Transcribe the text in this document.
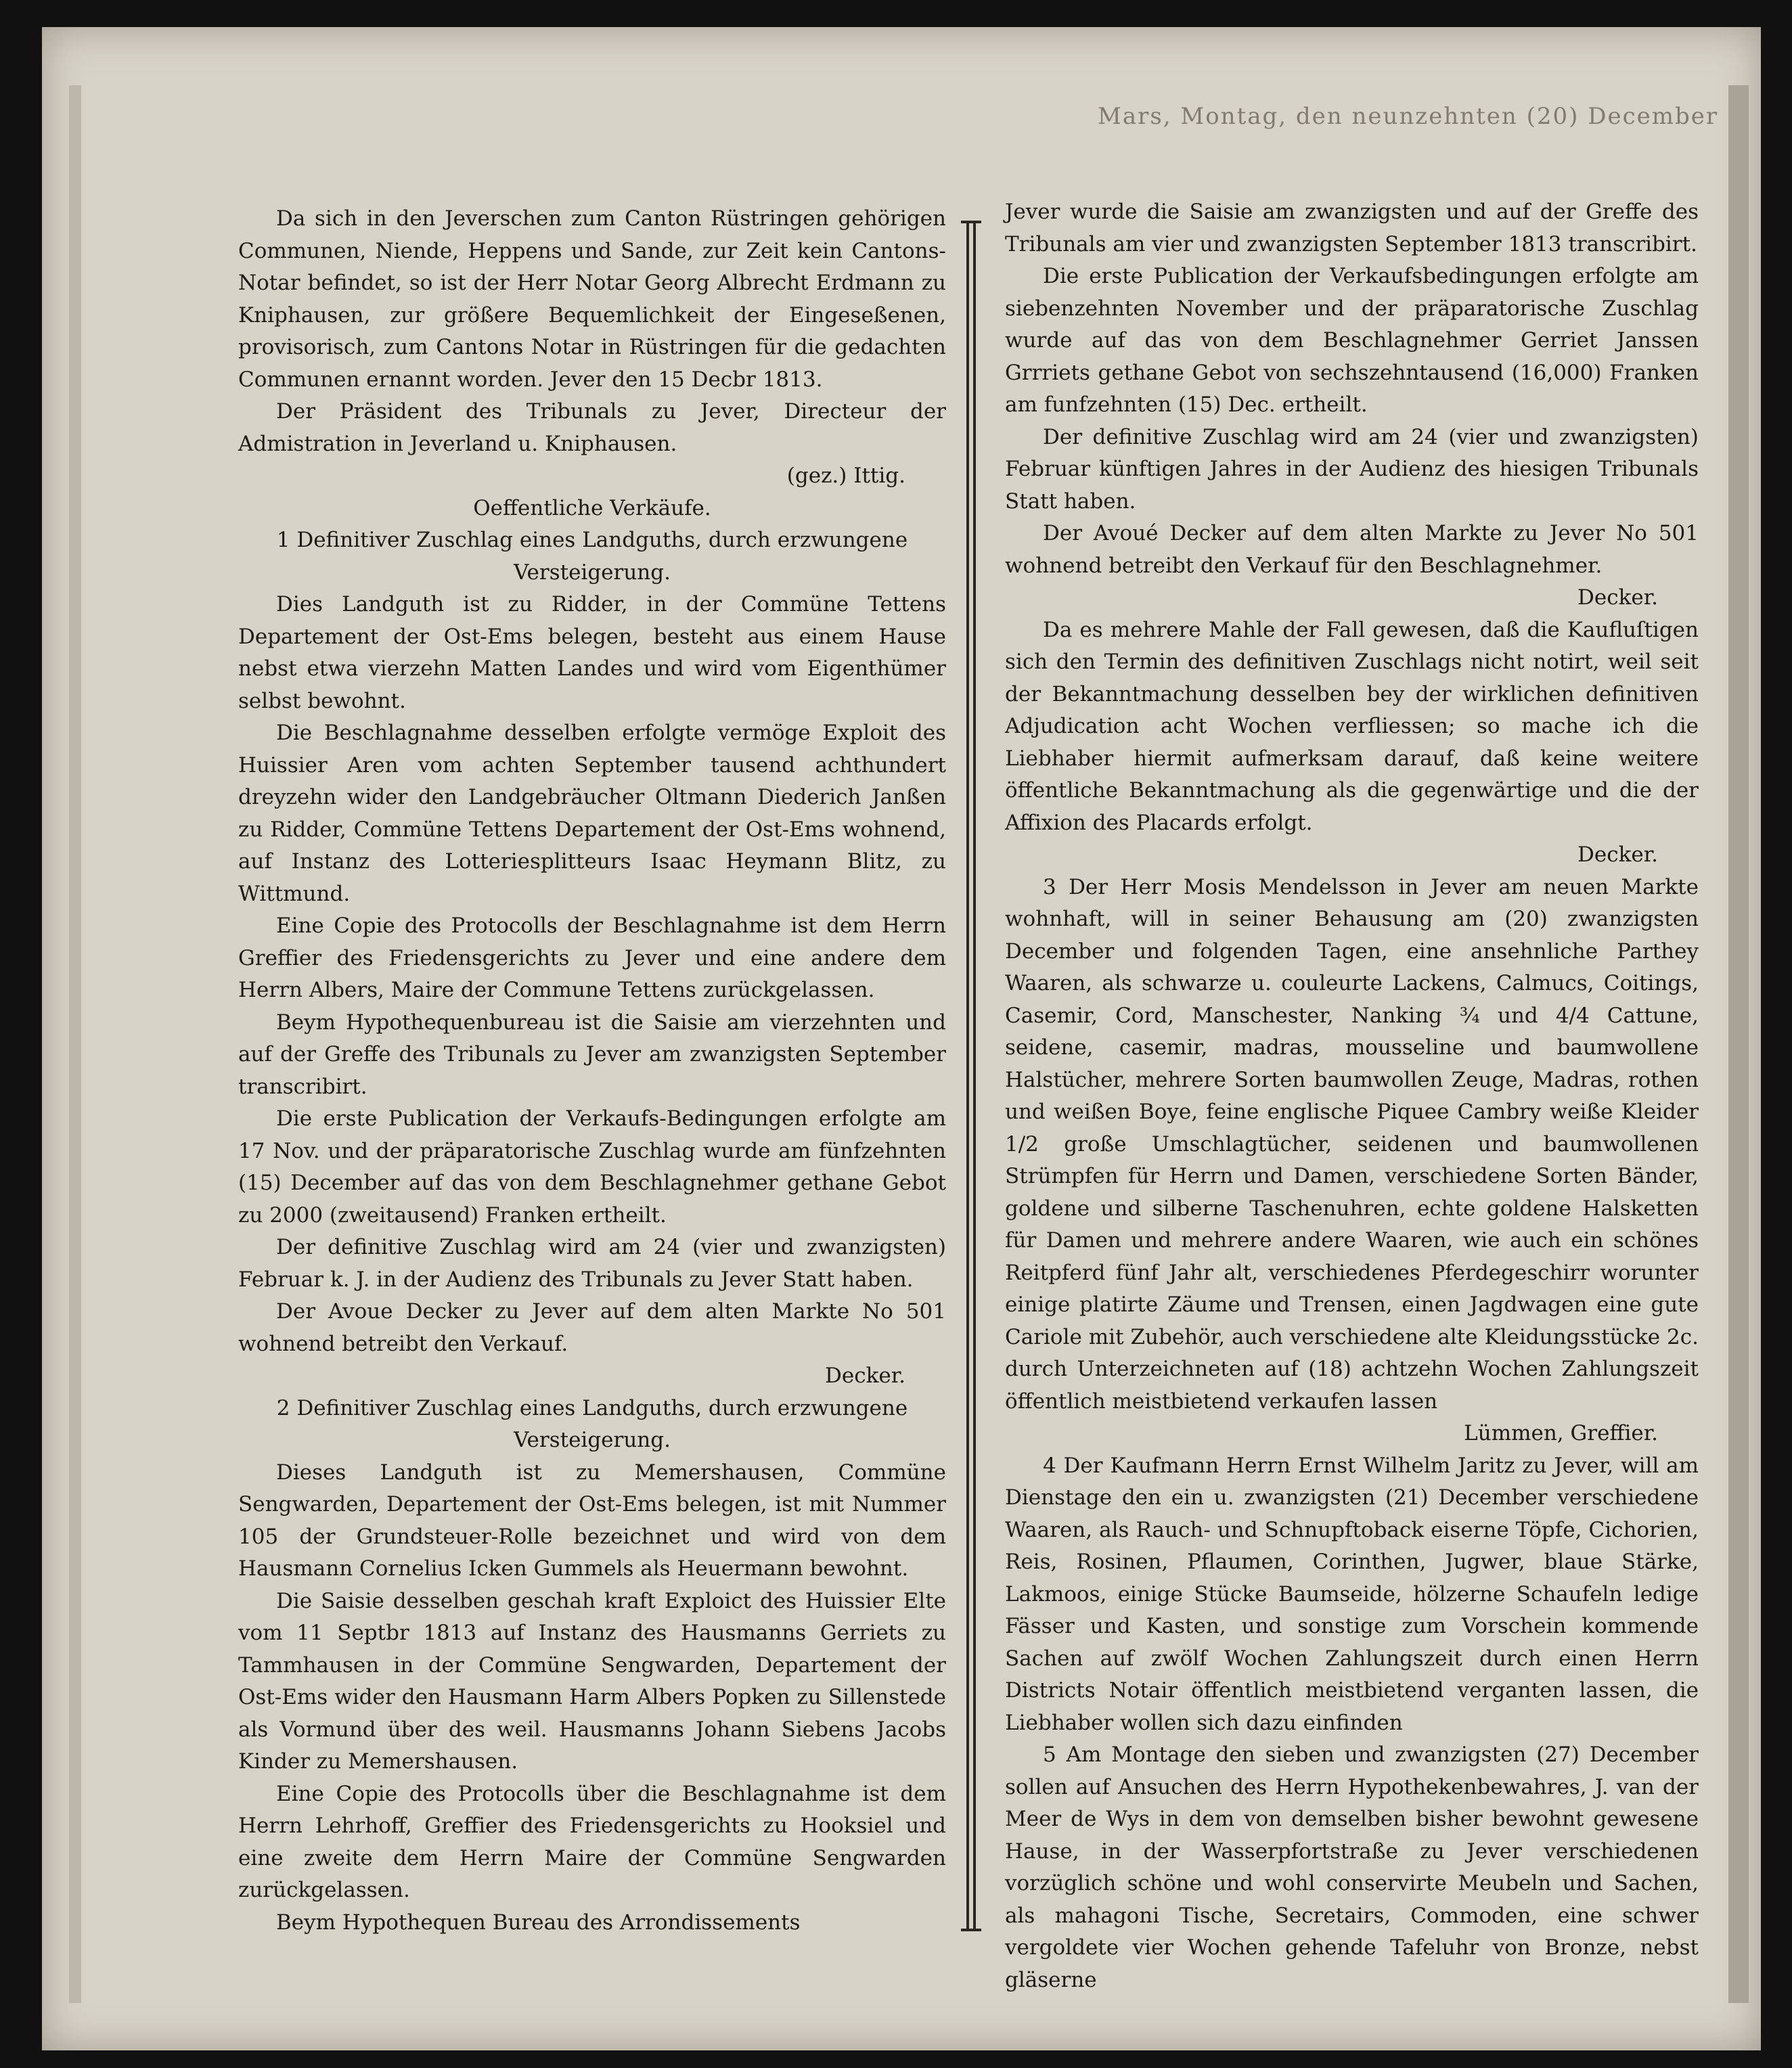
Mars, Montag, den neunzehnten (20) December

Da sich in den Jeverschen zum Canton Rüstringen gehörigen Communen, Niende, Heppens und Sande, zur Zeit kein Cantons-Notar befindet, so ist der Herr Notar Georg Albrecht Erdmann zu Kniphausen, zur größere Bequemlichkeit der Eingeseßenen, provisorisch, zum Cantons Notar in Rüstringen für die gedachten Communen ernannt worden. Jever den 15 Decbr 1813.

Der Präsident des Tribunals zu Jever, Directeur der Admistration in Jeverland u. Kniphausen.

(gez.) Ittig.

Oeffentliche Verkäufe.

1 Definitiver Zuschlag eines Landguths, durch erzwungene Versteigerung.

Dies Landguth ist zu Ridder, in der Commüne Tettens Departement der Ost-Ems belegen, besteht aus einem Hause nebst etwa vierzehn Matten Landes und wird vom Eigenthümer selbst bewohnt.

Die Beschlagnahme desselben erfolgte vermöge Exploit des Huissier Aren vom achten September tausend achthundert dreyzehn wider den Landgebräucher Oltmann Diederich Janßen zu Ridder, Commüne Tettens Departement der Ost-Ems wohnend, auf Instanz des Lotteriesplitteurs Isaac Heymann Blitz, zu Wittmund.

Eine Copie des Protocolls der Beschlagnahme ist dem Herrn Greffier des Friedensgerichts zu Jever und eine andere dem Herrn Albers, Maire der Commune Tettens zurückgelassen.

Beym Hypothequenbureau ist die Saisie am vierzehnten und auf der Greffe des Tribunals zu Jever am zwanzigsten September transcribirt.

Die erste Publication der Verkaufs-Bedingungen erfolgte am 17 Nov. und der präparatorische Zuschlag wurde am fünfzehnten (15) December auf das von dem Beschlagnehmer gethane Gebot zu 2000 (zweitausend) Franken ertheilt.

Der definitive Zuschlag wird am 24 (vier und zwanzigsten) Februar k. J. in der Audienz des Tribunals zu Jever Statt haben.

Der Avoue Decker zu Jever auf dem alten Markte No 501 wohnend betreibt den Verkauf.

Decker.

2 Definitiver Zuschlag eines Landguths, durch erzwungene Versteigerung.

Dieses Landguth ist zu Memershausen, Commüne Sengwarden, Departement der Ost-Ems belegen, ist mit Nummer 105 der Grundsteuer-Rolle bezeichnet und wird von dem Hausmann Cornelius Icken Gummels als Heuermann bewohnt.

Die Saisie desselben geschah kraft Exploict des Huissier Elte vom 11 Septbr 1813 auf Instanz des Hausmanns Gerriets zu Tammhausen in der Commüne Sengwarden, Departement der Ost-Ems wider den Hausmann Harm Albers Popken zu Sillenstede als Vormund über des weil. Hausmanns Johann Siebens Jacobs Kinder zu Memershausen.

Eine Copie des Protocolls über die Beschlagnahme ist dem Herrn Lehrhoff, Greffier des Friedensgerichts zu Hooksiel und eine zweite dem Herrn Maire der Commüne Sengwarden zurückgelassen.

Beym Hypothequen Bureau des Arrondissements

Jever wurde die Saisie am zwanzigsten und auf der Greffe des Tribunals am vier und zwanzigsten September 1813 transcribirt.

Die erste Publication der Verkaufsbedingungen erfolgte am siebenzehnten November und der präparatorische Zuschlag wurde auf das von dem Beschlagnehmer Gerriet Janssen Grrriets gethane Gebot von sechszehntausend (16,000) Franken am funfzehnten (15) Dec. ertheilt.

Der definitive Zuschlag wird am 24 (vier und zwanzigsten) Februar künftigen Jahres in der Audienz des hiesigen Tribunals Statt haben.

Der Avoué Decker auf dem alten Markte zu Jever No 501 wohnend betreibt den Verkauf für den Beschlagnehmer.

Decker.

Da es mehrere Mahle der Fall gewesen, daß die Kaufluſtigen sich den Termin des definitiven Zuschlags nicht notirt, weil seit der Bekanntmachung desselben bey der wirklichen definitiven Adjudication acht Wochen verfliessen; so mache ich die Liebhaber hiermit aufmerksam darauf, daß keine weitere öffentliche Bekanntmachung als die gegenwärtige und die der Affixion des Placards erfolgt.

Decker.

3 Der Herr Mosis Mendelsson in Jever am neuen Markte wohnhaft, will in seiner Behausung am (20) zwanzigsten December und folgenden Tagen, eine ansehnliche Parthey Waaren, als schwarze u. couleurte Lackens, Calmucs, Coitings, Casemir, Cord, Manschester, Nanking ¾ und 4/4 Cattune, seidene, casemir, madras, mousseline und baumwollene Halstücher, mehrere Sorten baumwollen Zeuge, Madras, rothen und weißen Boye, feine englische Piquee Cambry weiße Kleider 1/2 große Umschlagtücher, seidenen und baumwollenen Strümpfen für Herrn und Damen, verschiedene Sorten Bänder, goldene und silberne Taschenuhren, echte goldene Halsketten für Damen und mehrere andere Waaren, wie auch ein schönes Reitpferd fünf Jahr alt, verschiedenes Pferdegeschirr worunter einige platirte Zäume und Trensen, einen Jagdwagen eine gute Cariole mit Zubehör, auch verschiedene alte Kleidungsstücke 2c. durch Unterzeichneten auf (18) achtzehn Wochen Zahlungszeit öffentlich meistbietend verkaufen lassen

Lümmen, Greffier.

4 Der Kaufmann Herrn Ernst Wilhelm Jaritz zu Jever, will am Dienstage den ein u. zwanzigsten (21) December verschiedene Waaren, als Rauch- und Schnupftoback eiserne Töpfe, Cichorien, Reis, Rosinen, Pflaumen, Corinthen, Jugwer, blaue Stärke, Lakmoos, einige Stücke Baumseide, hölzerne Schaufeln ledige Fässer und Kasten, und sonstige zum Vorschein kommende Sachen auf zwölf Wochen Zahlungszeit durch einen Herrn Districts Notair öffentlich meistbietend verganten lassen, die Liebhaber wollen sich dazu einfinden

5 Am Montage den sieben und zwanzigsten (27) December sollen auf Ansuchen des Herrn Hypothekenbewahres, J. van der Meer de Wys in dem von demselben bisher bewohnt gewesene Hause, in der Wasserpfortstraße zu Jever verschiedenen vorzüglich schöne und wohl conservirte Meubeln und Sachen, als mahagoni Tische, Secretairs, Commoden, eine schwer vergoldete vier Wochen gehende Tafeluhr von Bronze, nebst gläserne
